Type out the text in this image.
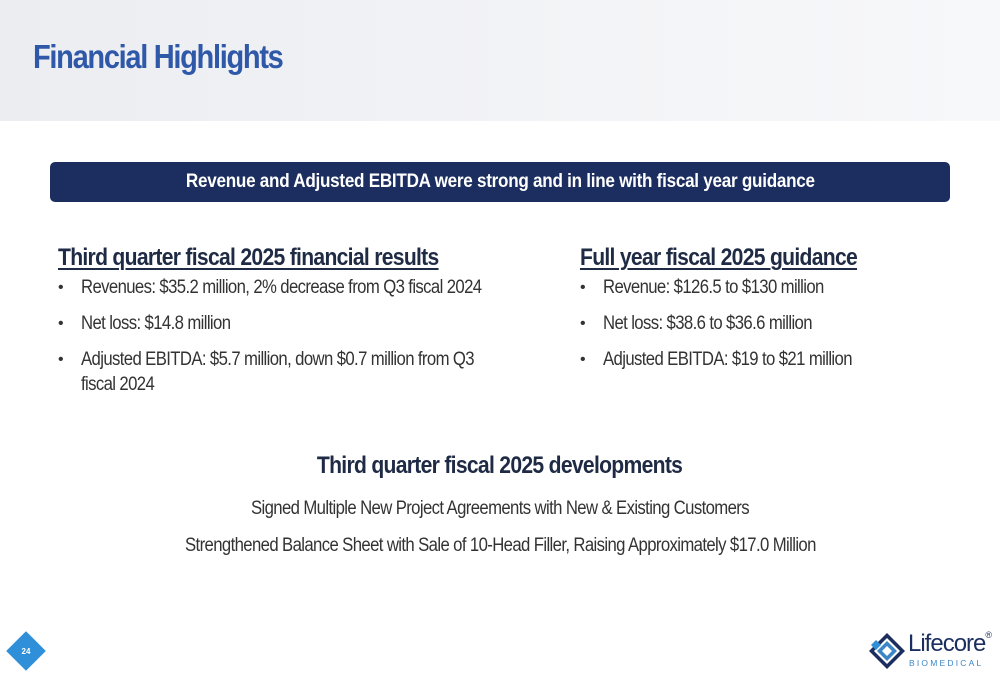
Financial Highlights
Revenue and Adjusted EBITDA were strong and in line with fiscal year guidance
Third quarter fiscal 2025 financial results
• Revenues: $35.2 million, 2% decrease from Q3 fiscal 2024
• Net loss: $14.8 million
• Adjusted EBITDA: $5.7 million, down $0.7 million from Q3 fiscal 2024
Full year fiscal 2025 guidance
• Revenue: $126.5 to $130 million
• Net loss: $38.6 to $36.6 million
• Adjusted EBITDA: $19 to $21 million
Third quarter fiscal 2025 developments
Signed Multiple New Project Agreements with New & Existing Customers
Strengthened Balance Sheet with Sale of 10-Head Filler, Raising Approximately $17.0 Million
24	Lifecore®
BIOMEDICAL
